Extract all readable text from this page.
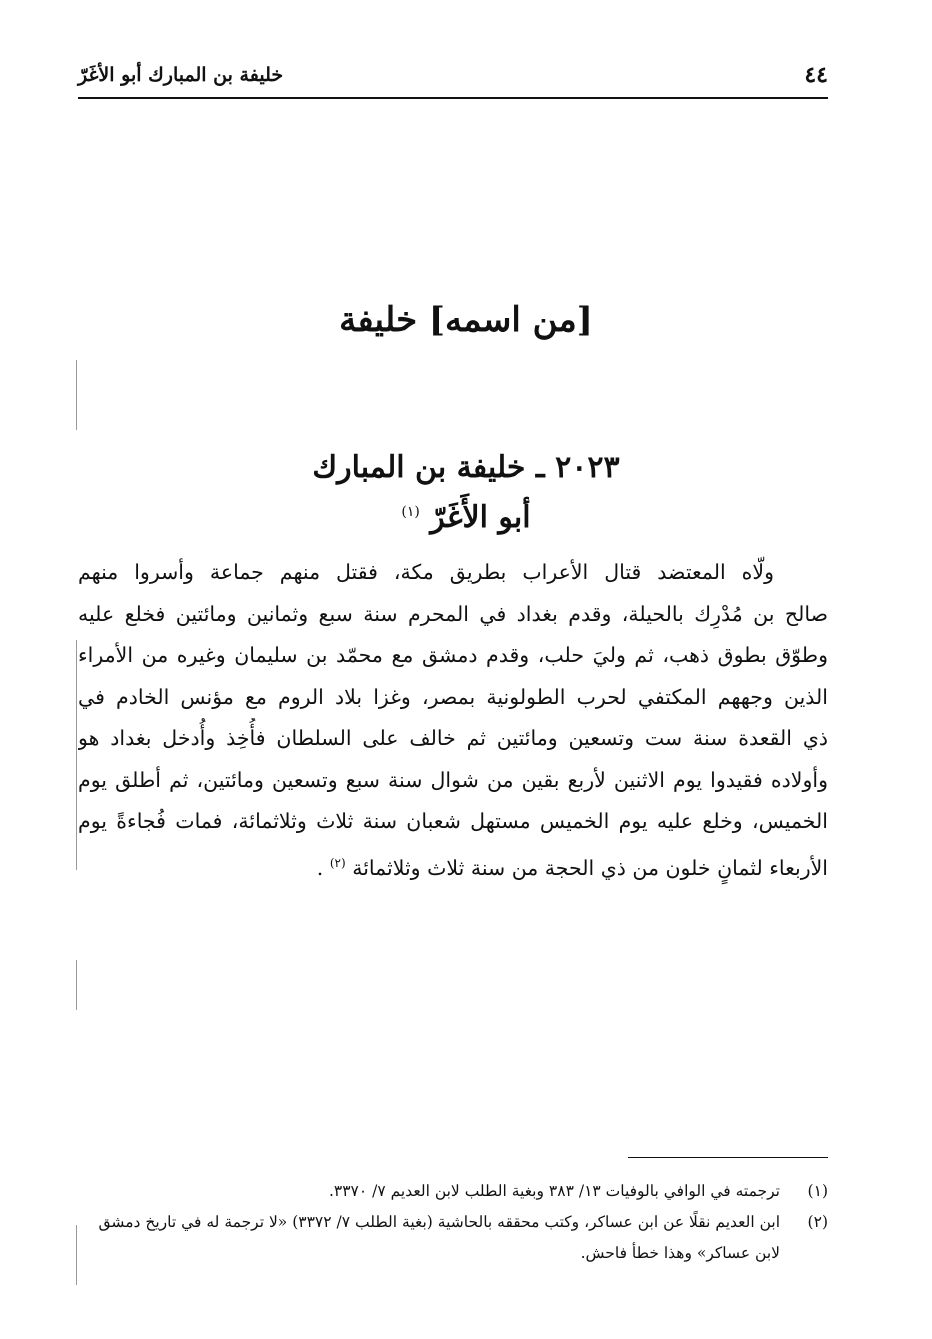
٤٤
خليفة بن المبارك أبو الأغَرّ
[من اسمه] خليفة
٢٠٢٣ ـ خليفة بن المبارك
أبو الأَغَرّ $^{(١)}$
ولّاه المعتضد قتال الأعراب بطريق مكة، فقتل منهم جماعة وأسروا منهم
صالح بن مُدْرِك بالحيلة، وقدم بغداد في المحرم سنة سبع وثمانين ومائتين فخلع عليه
وطوّق بطوق ذهب، ثم وليَ حلب، وقدم دمشق مع محمّد بن سليمان وغيره من الأمراء
الذين وجههم المكتفي لحرب الطولونية بمصر، وغزا بلاد الروم مع مؤنس الخادم في
ذي القعدة سنة ست وتسعين ومائتين ثم خالف على السلطان فأُخِذ وأُدخل بغداد هو
وأولاده فقيدوا يوم الاثنين لأربع بقين من شوال سنة سبع وتسعين ومائتين، ثم أطلق يوم
الخميس، وخلع عليه يوم الخميس مستهل شعبان سنة ثلاث وثلاثمائة، فمات فُجاءةً يوم
الأربعاء لثمانٍ خلون من ذي الحجة من سنة ثلاث وثلاثمائة $^{(٢)}$ .
(١)
ترجمته في الوافي بالوفيات ١٣/ ٣٨٣ وبغية الطلب لابن العديم ٧/ ٣٣٧٠.
(٢)
ابن العديم نقلًا عن ابن عساكر، وكتب محققه بالحاشية (بغية الطلب ٧/ ٣٣٧٢) «لا ترجمة له في تاريخ دمشق لابن عساكر» وهذا خطأ فاحش.
